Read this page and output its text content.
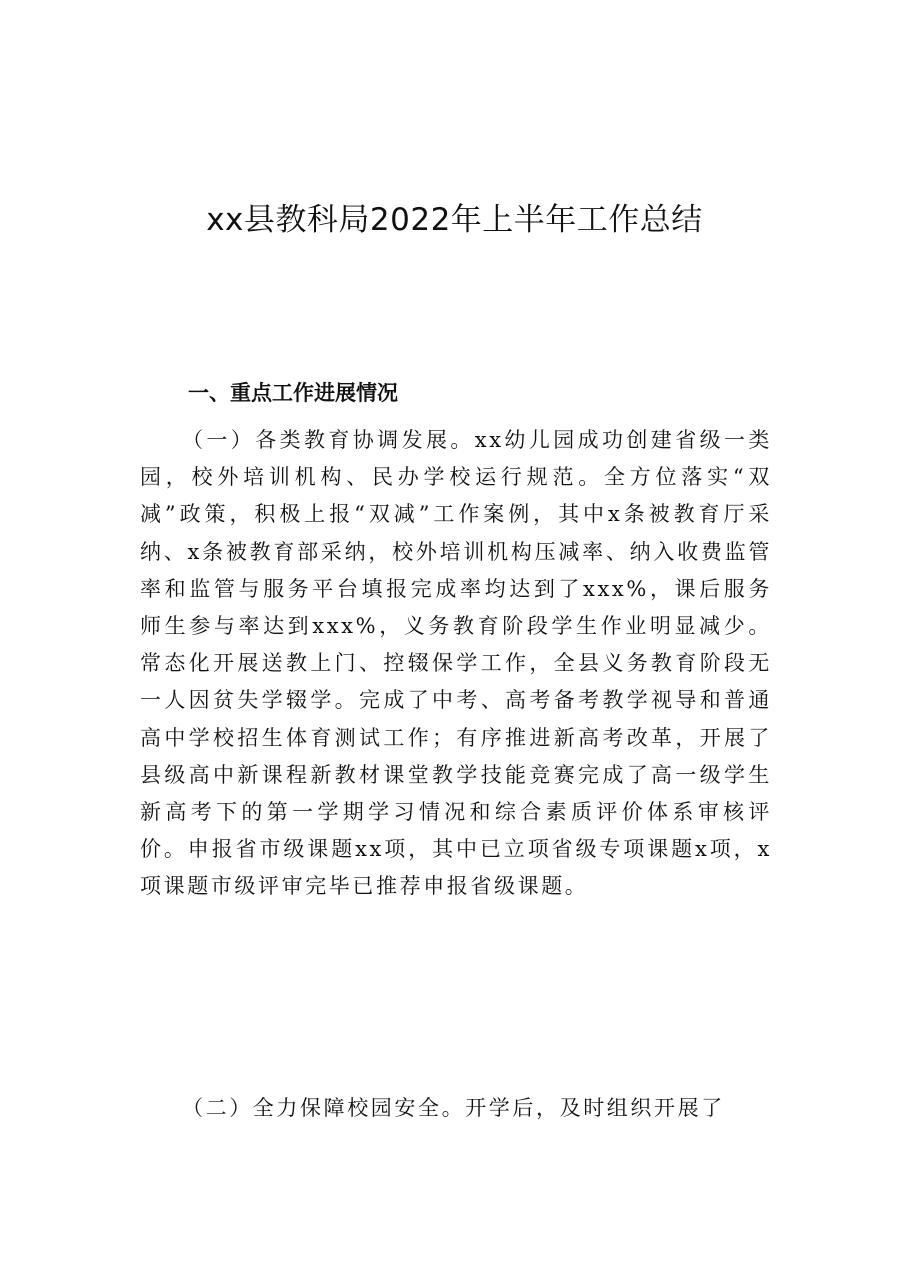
xx县教科局2022年上半年工作总结
一、重点工作进展情况

（一）各类教育协调发展。xx幼儿园成功创建省级一类园，校外培训机构、民办学校运行规范。全方位落实“双减”政策，积极上报“双减”工作案例，其中x条被教育厅采纳、x条被教育部采纳，校外培训机构压减率、纳入收费监管率和监管与服务平台填报完成率均达到了xxx%，课后服务师生参与率达到xxx%，义务教育阶段学生作业明显减少。常态化开展送教上门、控辍保学工作，全县义务教育阶段无一人因贫失学辍学。完成了中考、高考备考教学视导和普通高中学校招生体育测试工作；有序推进新高考改革，开展了县级高中新课程新教材课堂教学技能竞赛完成了高一级学生新高考下的第一学期学习情况和综合素质评价体系审核评价。申报省市级课题xx项，其中已立项省级专项课题x项，x项课题市级评审完毕已推荐申报省级课题。

（二）全力保障校园安全。开学后，及时组织开展了
